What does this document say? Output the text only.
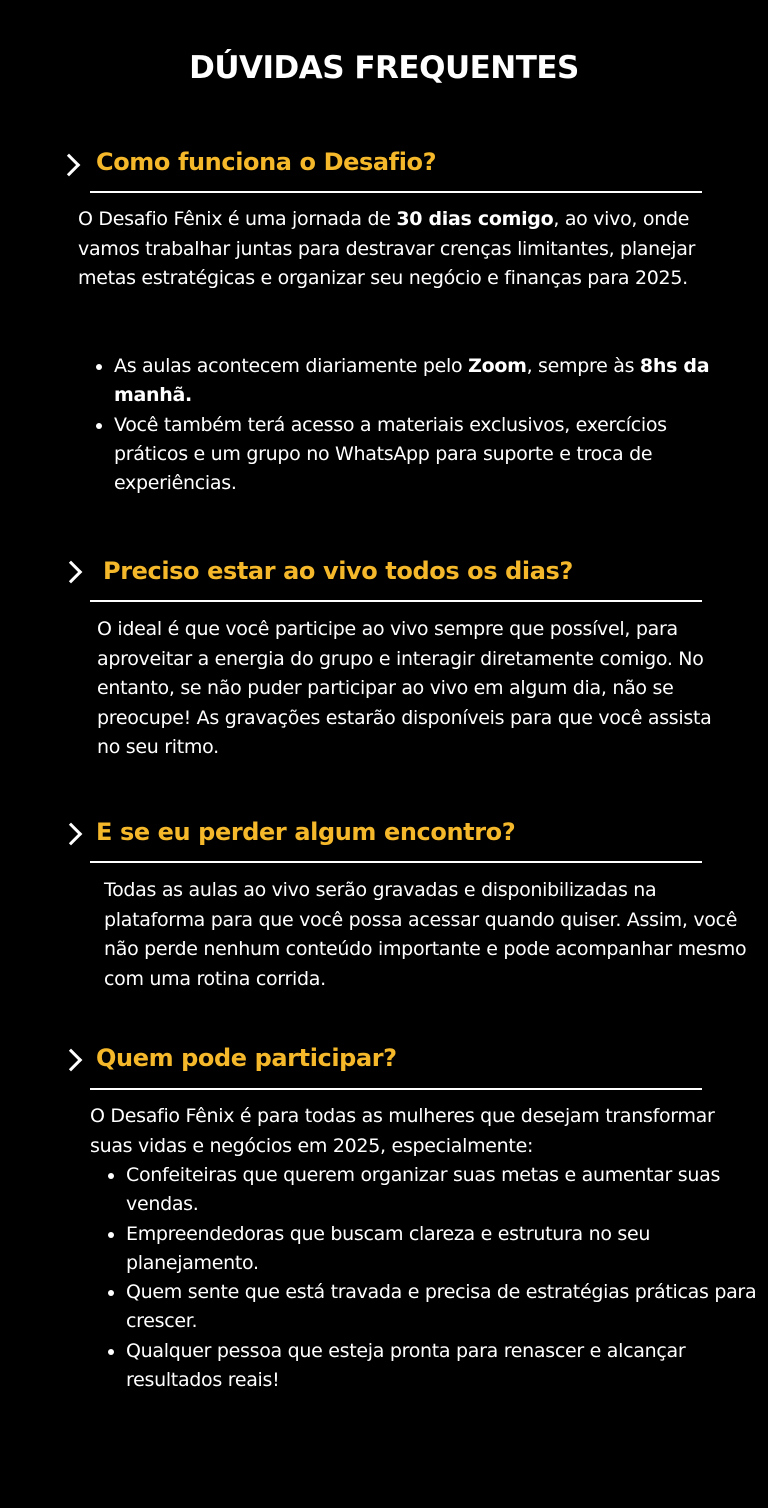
DÚVIDAS FREQUENTES
Como funciona o Desafio?

O Desafio Fênix é uma jornada de 30 dias comigo, ao vivo, onde vamos trabalhar juntas para destravar crenças limitantes, planejar metas estratégicas e organizar seu negócio e finanças para 2025.

• As aulas acontecem diariamente pelo Zoom, sempre às 8hs da manhã.
• Você também terá acesso a materiais exclusivos, exercícios práticos e um grupo no WhatsApp para suporte e troca de experiências.
Preciso estar ao vivo todos os dias?

O ideal é que você participe ao vivo sempre que possível, para aproveitar a energia do grupo e interagir diretamente comigo. No entanto, se não puder participar ao vivo em algum dia, não se preocupe! As gravações estarão disponíveis para que você assista no seu ritmo.

E se eu perder algum encontro?

Todas as aulas ao vivo serão gravadas e disponibilizadas na plataforma para que você possa acessar quando quiser. Assim, você não perde nenhum conteúdo importante e pode acompanhar mesmo com uma rotina corrida.

Quem pode participar?

O Desafio Fênix é para todas as mulheres que desejam transformar suas vidas e negócios em 2025, especialmente:

• Confeiteiras que querem organizar suas metas e aumentar suas vendas.
• Empreendedoras que buscam clareza e estrutura no seu planejamento.
• Quem sente que está travada e precisa de estratégias práticas para crescer.
• Qualquer pessoa que esteja pronta para renascer e alcançar resultados reais!
